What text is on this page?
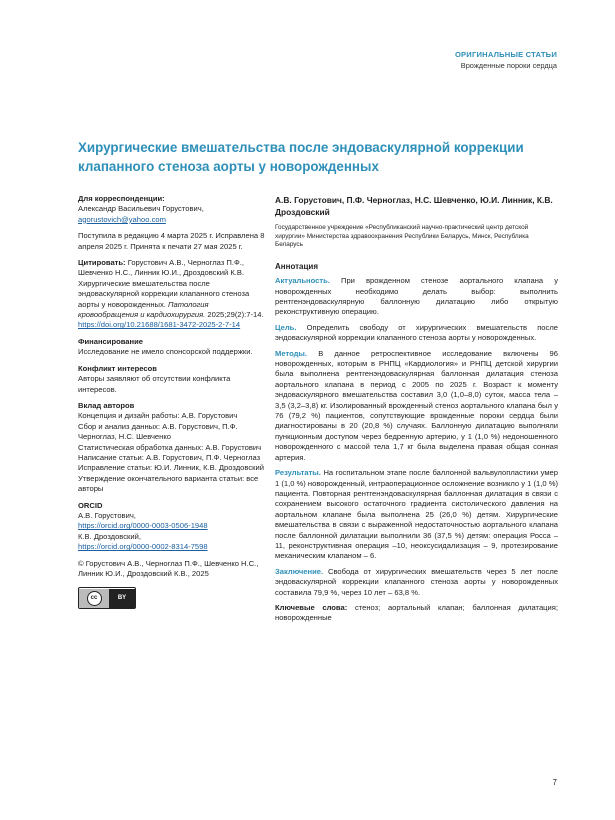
ОРИГИНАЛЬНЫЕ СТАТЬИ
Врожденные пороки сердца
Хирургические вмешательства после эндоваскулярной коррекции клапанного стеноза аорты у новорожденных
Для корреспонденции:
Александр Васильевич Горустович,
agorustovich@yahoo.com
Поступила в редакцию 4 марта 2025 г. Исправлена 8 апреля 2025 г. Принята к печати 27 мая 2025 г.
Цитировать: Горустович А.В., Черноглаз П.Ф., Шевченко Н.С., Линник Ю.И., Дроздовский К.В. Хирургические вмешательства после эндоваскулярной коррекции клапанного стеноза аорты у новорожденных. Патология кровообращения и кардиохирургия. 2025;29(2):7-14. https://doi.org/10.21688/1681-3472-2025-2-7-14
Финансирование
Исследование не имело спонсорской поддержки.
Конфликт интересов
Авторы заявляют об отсутствии конфликта интересов.
Вклад авторов
Концепция и дизайн работы: А.В. Горустович
Сбор и анализ данных: А.В. Горустович, П.Ф. Черноглаз, Н.С. Шевченко
Статистическая обработка данных: А.В. Горустович
Написание статьи: А.В. Горустович, П.Ф. Черноглаз
Исправление статьи: Ю.И. Линник, К.В. Дроздовский
Утверждение окончательного варианта статьи: все авторы
ORCID
А.В. Горустович,
https://orcid.org/0000-0003-0506-1948
К.В. Дроздовский,
https://orcid.org/0000-0002-8314-7598
© Горустович А.В., Черноглаз П.Ф., Шевченко Н.С., Линник Ю.И., Дроздовский К.В., 2025
cc	BY
А.В. Горустович, П.Ф. Черноглаз, Н.С. Шевченко, Ю.И. Линник, К.В. Дроздовский
Государственное учреждение «Республиканский научно-практический центр детской хирургии» Министерства здравоохранения Республики Беларусь, Минск, Республика Беларусь
Аннотация
Актуальность. При врожденном стенозе аортального клапана у новорожденных необходимо делать выбор: выполнить рентгенэндоваскулярную баллонную дилатацию либо открытую реконструктивную операцию.
Цель. Определить свободу от хирургических вмешательств после эндоваскулярной коррекции клапанного стеноза аорты у новорожденных.
Методы. В данное ретроспективное исследование включены 96 новорожденных, которым в РНПЦ «Кардиология» и РНПЦ детской хирургии была выполнена рентгенэндоваскулярная баллонная дилатация стеноза аортального клапана в период с 2005 по 2025 г. Возраст к моменту эндоваскулярного вмешательства составил 3,0 (1,0–8,0) суток, масса тела – 3,5 (3,2–3,8) кг. Изолированный врожденный стеноз аортального клапана был у 76 (79,2 %) пациентов, сопутствующие врожденные пороки сердца были диагностированы в 20 (20,8 %) случаях. Баллонную дилатацию выполняли пункционным доступом через бедренную артерию, у 1 (1,0 %) недоношенного новорожденного с массой тела 1,7 кг была выделена правая общая сонная артерия.
Результаты. На госпитальном этапе после баллонной вальвулопластики умер 1 (1,0 %) новорожденный, интраоперационное осложнение возникло у 1 (1,0 %) пациента. Повторная рентгенэндоваскулярная баллонная дилатация в связи с сохранением высокого остаточного градиента систолического давления на аортальном клапане была выполнена 25 (26,0 %) детям. Хирургические вмешательства в связи с выраженной недостаточностью аортального клапана после баллонной дилатации выполнили 36 (37,5 %) детям: операция Росса – 11, реконструктивная операция –10, неоксусидализация – 9, протезирование механическим клапаном – 6.
Заключение. Свобода от хирургических вмешательств через 5 лет после эндоваскулярной коррекции клапанного стеноза аорты у новорожденных составила 79,9 %, через 10 лет – 63,8 %.
Ключевые слова: стеноз; аортальный клапан; баллонная дилатация; новорожденные
7
